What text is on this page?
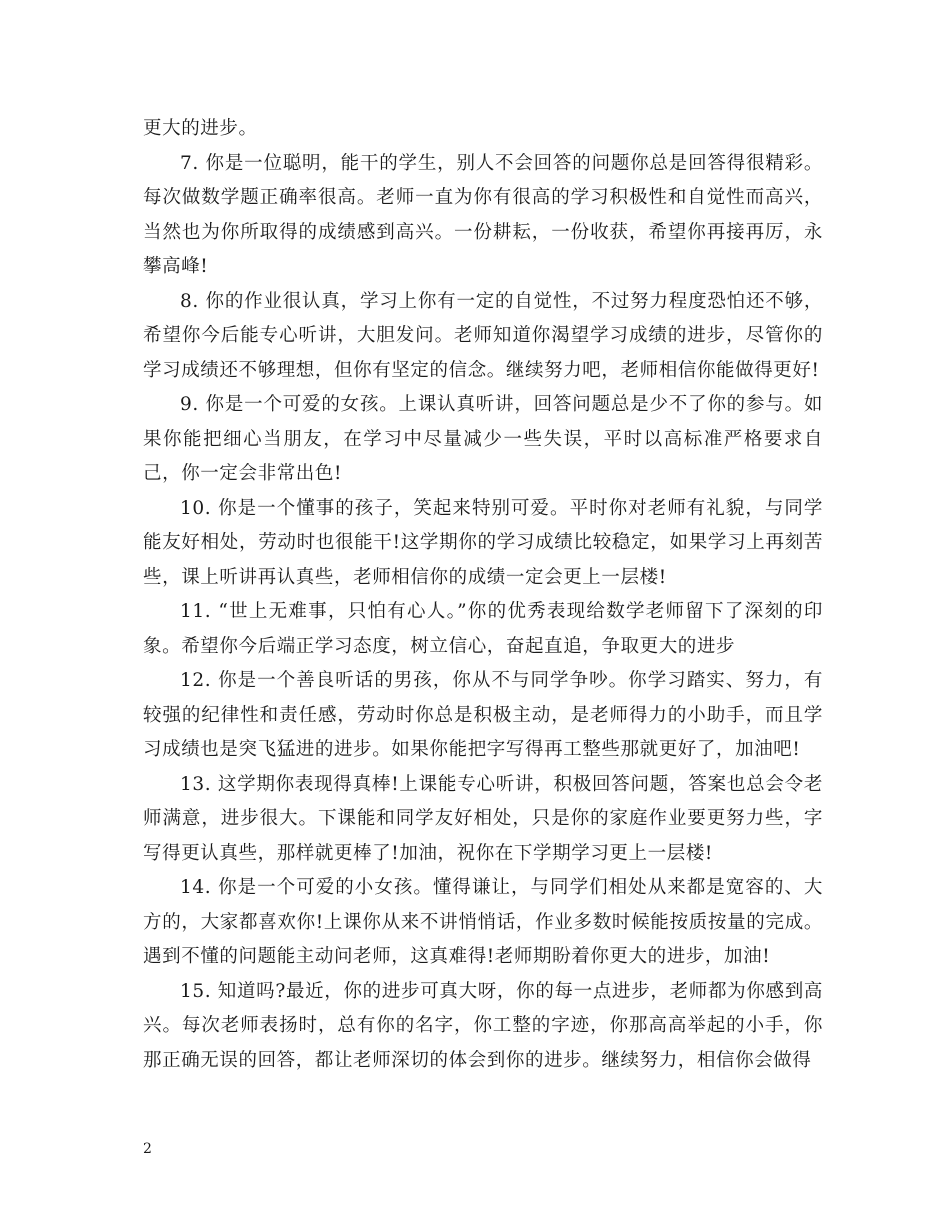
更大的进步。

7. 你是一位聪明，能干的学生，别人不会回答的问题你总是回答得很精彩。每次做数学题正确率很高。老师一直为你有很高的学习积极性和自觉性而高兴，当然也为你所取得的成绩感到高兴。一份耕耘，一份收获，希望你再接再厉，永攀高峰!

8. 你的作业很认真，学习上你有一定的自觉性，不过努力程度恐怕还不够，希望你今后能专心听讲，大胆发问。老师知道你渴望学习成绩的进步，尽管你的学习成绩还不够理想，但你有坚定的信念。继续努力吧，老师相信你能做得更好!

9. 你是一个可爱的女孩。上课认真听讲，回答问题总是少不了你的参与。如果你能把细心当朋友，在学习中尽量减少一些失误，平时以高标准严格要求自己，你一定会非常出色!

10. 你是一个懂事的孩子，笑起来特别可爱。平时你对老师有礼貌，与同学能友好相处，劳动时也很能干!这学期你的学习成绩比较稳定，如果学习上再刻苦些，课上听讲再认真些，老师相信你的成绩一定会更上一层楼!

11. “世上无难事，只怕有心人。”你的优秀表现给数学老师留下了深刻的印象。希望你今后端正学习态度，树立信心，奋起直追，争取更大的进步

12. 你是一个善良听话的男孩，你从不与同学争吵。你学习踏实、努力，有较强的纪律性和责任感，劳动时你总是积极主动，是老师得力的小助手，而且学习成绩也是突飞猛进的进步。如果你能把字写得再工整些那就更好了，加油吧!

13. 这学期你表现得真棒!上课能专心听讲，积极回答问题，答案也总会令老师满意，进步很大。下课能和同学友好相处，只是你的家庭作业要更努力些，字写得更认真些，那样就更棒了!加油，祝你在下学期学习更上一层楼!

14. 你是一个可爱的小女孩。懂得谦让，与同学们相处从来都是宽容的、大方的，大家都喜欢你!上课你从来不讲悄悄话，作业多数时候能按质按量的完成。遇到不懂的问题能主动问老师，这真难得!老师期盼着你更大的进步，加油!

15. 知道吗?最近，你的进步可真大呀，你的每一点进步，老师都为你感到高兴。每次老师表扬时，总有你的名字，你工整的字迹，你那高高举起的小手，你那正确无误的回答，都让老师深切的体会到你的进步。继续努力，相信你会做得

2
